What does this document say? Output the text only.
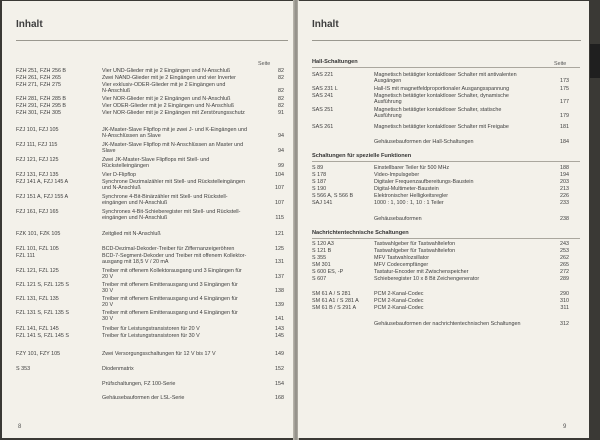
Inhalt
Seite
FZH 251, FZH 256 B	Vier UND-Glieder mit je 2 Eingängen und N-Anschluß	82
FZH 261, FZH 265	Zwei NAND-Glieder mit je 2 Eingängen und vier Inverter	82
FZH 271, FZH 275	Vier exklusiv-ODER-Glieder mit je 2 Eingängen und
N-Anschluß	82
FZH 281, FZH 285 B	Vier NOR-Glieder mit je 2 Eingängen und N-Anschluß	82
FZH 291, FZH 295 B	Vier ODER-Glieder mit je 2 Eingängen und N-Anschluß	82
FZH 301, FZH 305	Vier NOR-Glieder mit je 2 Eingängen mit Zerstörungsschutz	91
FZJ 101, FZJ 105	JK-Master-Slave Flipflop mit je zwei J- und K-Eingängen und
N-Anschlüssen an Slave	94
FZJ 111, FZJ 115	JK-Master-Slave Flipflop mit N-Anschlüssen an Master und
Slave	94
FZJ 121, FZJ 125	Zwei JK-Master-Slave Flipflops mit Stell- und
Rückstelleingängen	99
FZJ 131, FZJ 135	Vier D-Flipflop	104
FZJ 141 A, FZJ 145 A	Synchrone Dezimalzähler mit Stell- und Rückstelleingängen
und N-Anschluß	107
FZJ 151 A, FZJ 155 A	Synchrone 4-Bit-Binärzähler mit Stell- und Rückstell-
eingängen und N-Anschluß	107
FZJ 161, FZJ 165	Synchrones 4-Bit-Schieberegister mit Stell- und Rückstell-
eingängen und N-Anschluß	115
FZK 101, FZK 105	Zeitglied mit N-Anschluß	121
FZL 101, FZL 105	BCD-Dezimal-Dekoder-Treiber für Ziffernanzeigeröhren	125
FZL 111	BCD-7-Segment-Dekoder und Treiber mit offenem Kollektor-
ausgang mit 18,5 V / 20 mA	131
FZL 121, FZL 125	Treiber mit offenem Kollektorausgang und 3 Eingängen für
20 V	137
FZL 121 S, FZL 125 S	Treiber mit offenem Emitterausgang und 3 Eingängen für
30 V	138
FZL 131, FZL 135	Treiber mit offenem Emitterausgang und 4 Eingängen für
20 V	139
FZL 131 S, FZL 135 S	Treiber mit offenem Emitterausgang und 4 Eingängen für
30 V	141
FZL 141, FZL 145	Treiber für Leistungstransistoren für 20 V	143
FZL 141 S, FZL 145 S	Treiber für Leistungstransistoren für 30 V	145
FZY 101, FZY 105	Zwei Versorgungsschaltungen für 12 V bis 17 V	149
S 353	Diodenmatrix	152
Prüfschaltungen, FZ 100-Serie	154
Gehäusebauformen der LSL-Serie	168
8
Inhalt
Seite
Hall-Schaltungen
SAS 221	Magnetisch betätigter kontaktloser Schalter mit antivalenten
Ausgängen	173
SAS 231 L	Hall-IS mit magnetfeldproportionaler Ausgangsspannung	175
SAS 241	Magnetisch betätigter kontaktloser Schalter, dynamische
Ausführung	177
SAS 251	Magnetisch betätigter kontaktloser Schalter, statische
Ausführung	179
SAS 261	Magnetisch betätigter kontaktloser Schalter mit Freigabe	181
Gehäusebauformen der Hall-Schaltungen	184
Schaltungen für spezielle Funktionen
S 89	Einstellbarer Teiler für 500 MHz	188
S 178	Video-Impulsgeber	194
S 187	Digitaler Frequenzaufbereitungs-Baustein	203
S 190	Digital-Multimeter-Baustein	213
S 566 A, S 566 B	Elektronischer Helligkeitsregler	226
SAJ 141	1000 : 1, 100 : 1, 10 : 1 Teiler	233
Gehäusebauformen	238
Nachrichtentechnische Schaltungen
S 120 A3	Tastwahlgeber für Tastwahltelefon	243
S 121 B	Tastwahlgeber für Tastwahltelefon	253
S 355	MFV Tastwahlozsillator	262
SM 301	MFV Codecempfänger	265
S 600 ES, -P	Tastatur-Encoder mit Zwischenspeicher	272
S 607	Schieberegister 10 x 8 Bit Zeichengenerator	289
SM 61 A / S 281	PCM 2-Kanal-Codec	290
SM 61 A1 / S 281 A	PCM 2-Kanal-Codec	310
SM 61 B / S 291 A	PCM 2-Kanal-Codec	311
Gehäusebauformen der nachrichtentechnischen Schaltungen	312
9
